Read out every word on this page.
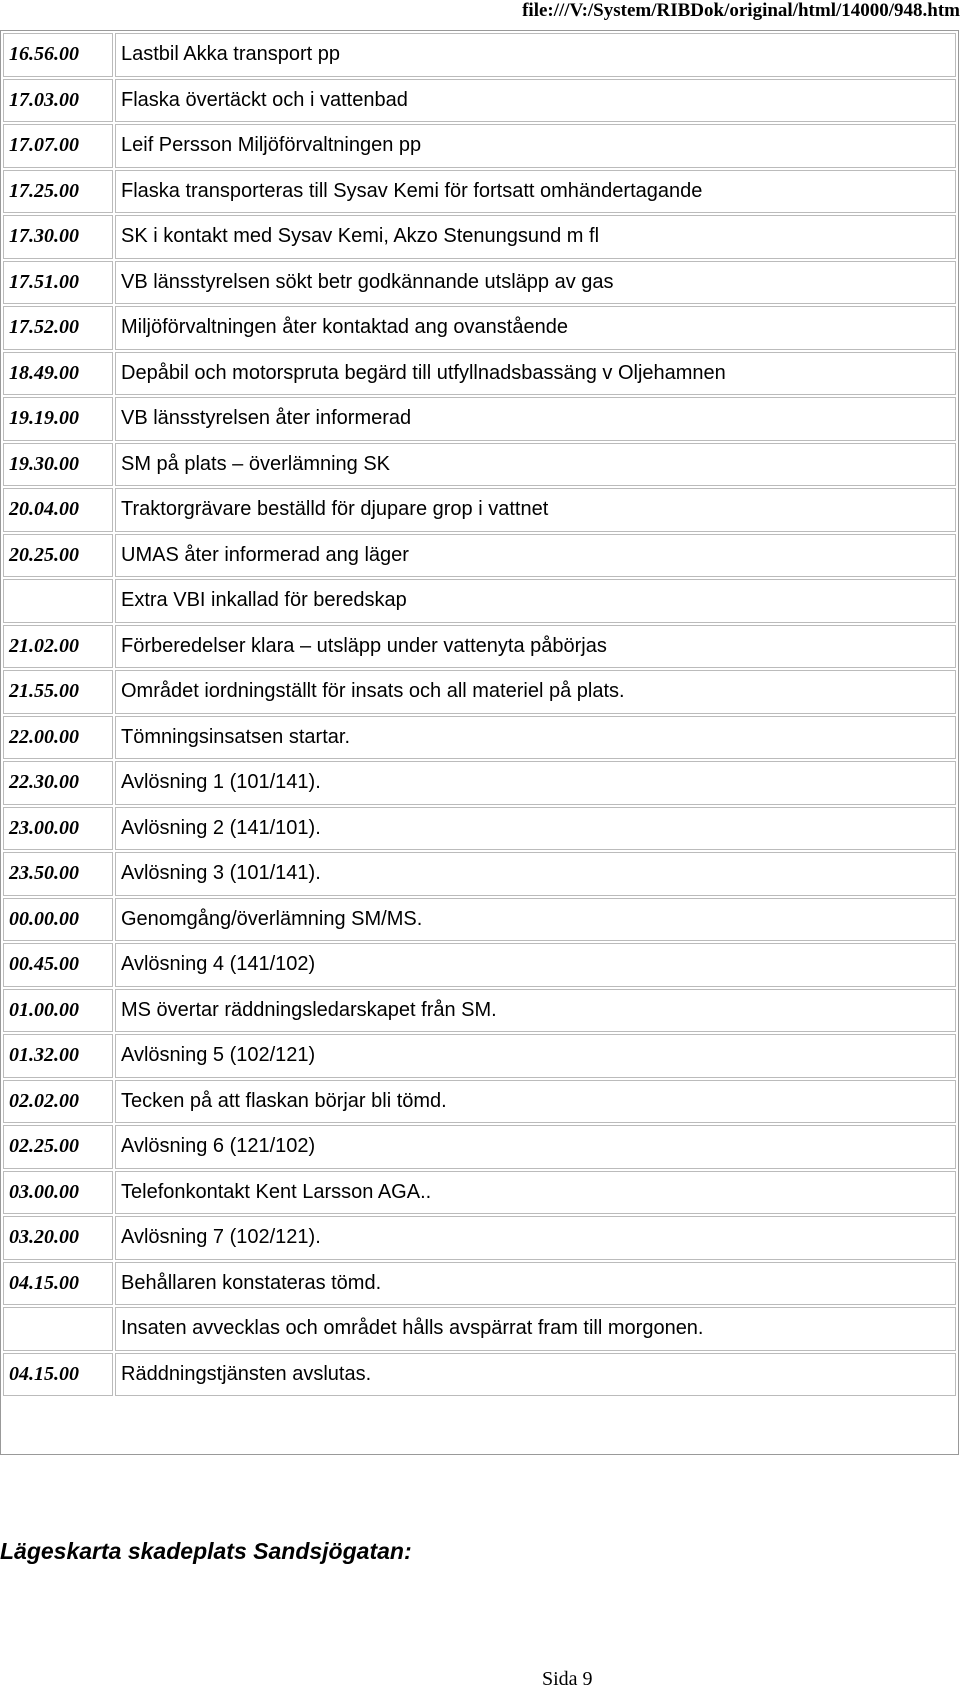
file:///V:/System/RIBDok/original/html/14000/948.htm
16.56.00	Lastbil Akka transport pp
17.03.00	Flaska övertäckt och i vattenbad
17.07.00	Leif Persson Miljöförvaltningen pp
17.25.00	Flaska transporteras till Sysav Kemi för fortsatt omhändertagande
17.30.00	SK i kontakt med Sysav Kemi, Akzo Stenungsund m fl
17.51.00	VB länsstyrelsen sökt betr godkännande utsläpp av gas
17.52.00	Miljöförvaltningen åter kontaktad ang ovanstående
18.49.00	Depåbil och motorspruta begärd till utfyllnadsbassäng v Oljehamnen
19.19.00	VB länsstyrelsen åter informerad
19.30.00	SM på plats – överlämning SK
20.04.00	Traktorgrävare beställd för djupare grop i vattnet
20.25.00	UMAS åter informerad ang läger
	Extra VBI inkallad för beredskap
21.02.00	Förberedelser klara – utsläpp under vattenyta påbörjas
21.55.00	Området iordningställt för insats och all materiel på plats.
22.00.00	Tömningsinsatsen startar.
22.30.00	Avlösning 1 (101/141).
23.00.00	Avlösning 2 (141/101).
23.50.00	Avlösning 3 (101/141).
00.00.00	Genomgång/överlämning SM/MS.
00.45.00	Avlösning 4 (141/102)
01.00.00	MS övertar räddningsledarskapet från SM.
01.32.00	Avlösning 5 (102/121)
02.02.00	Tecken på att flaskan börjar bli tömd.
02.25.00	Avlösning 6 (121/102)
03.00.00	Telefonkontakt Kent Larsson AGA..
03.20.00	Avlösning 7 (102/121).
04.15.00	Behållaren konstateras tömd.
	Insaten avvecklas och området hålls avspärrat fram till morgonen.
04.15.00	Räddningstjänsten avslutas.
Lägeskarta skadeplats Sandsjögatan:
Sida 9
